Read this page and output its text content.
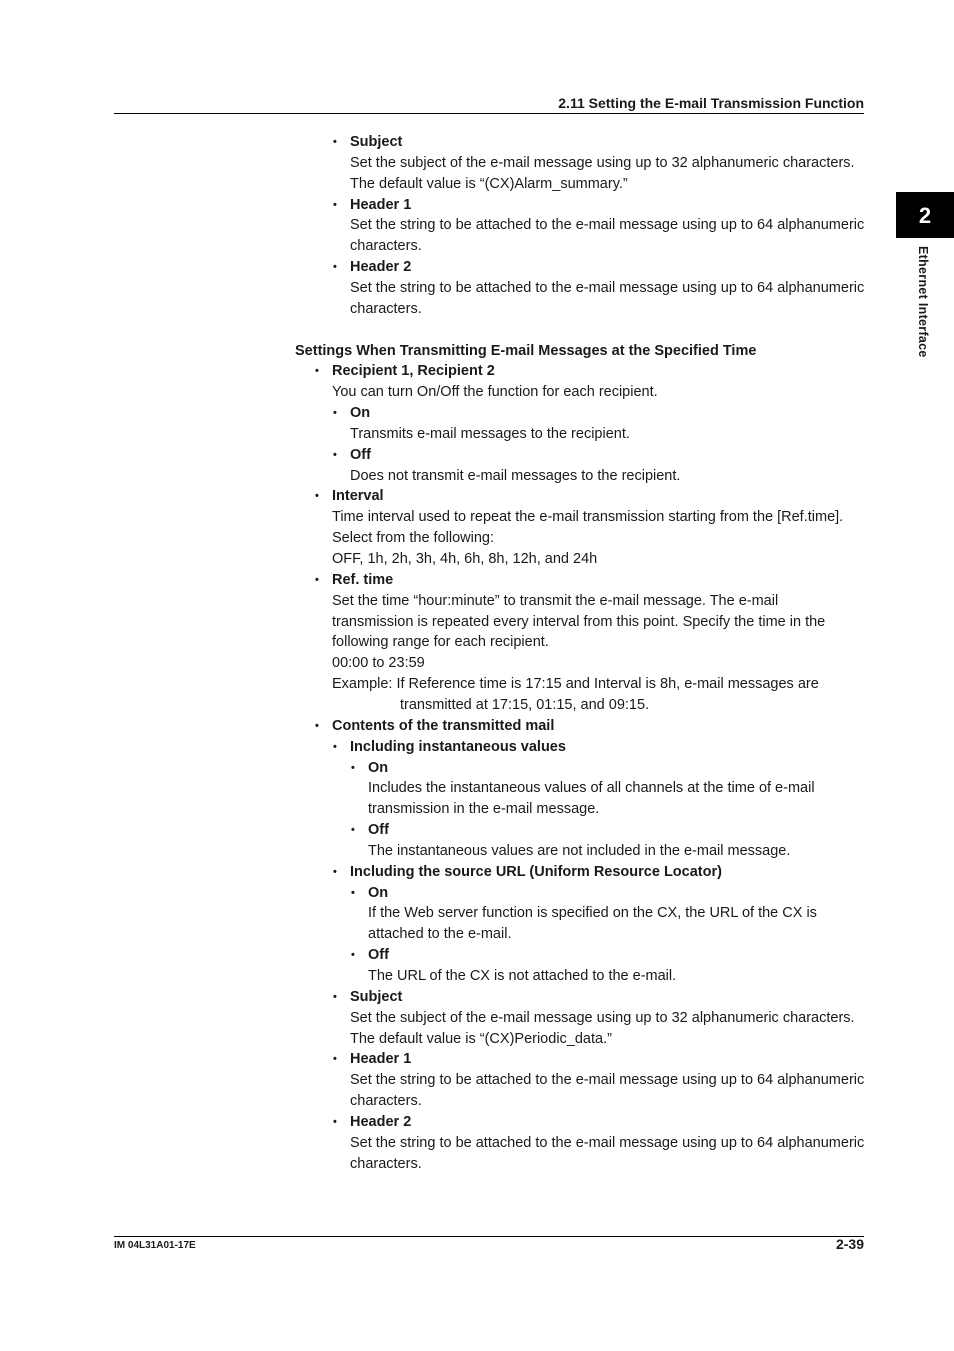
2.11 Setting the E-mail Transmission Function
2
Ethernet Interface
• Subject
Set the subject of the e-mail message using up to 32 alphanumeric characters.
The default value is “(CX)Alarm_summary.”
• Header 1
Set the string to be attached to the e-mail message using up to 64 alphanumeric
characters.
• Header 2
Set the string to be attached to the e-mail message using up to 64 alphanumeric
characters.
Settings When Transmitting E-mail Messages at the Specified Time
• Recipient 1, Recipient 2
You can turn On/Off the function for each recipient.
• On
Transmits e-mail messages to the recipient.
• Off
Does not transmit e-mail messages to the recipient.
• Interval
Time interval used to repeat the e-mail transmission starting from the [Ref.time].
Select from the following:
OFF, 1h, 2h, 3h, 4h, 6h, 8h, 12h, and 24h
• Ref. time
Set the time “hour:minute” to transmit the e-mail message. The e-mail
transmission is repeated every interval from this point. Specify the time in the
following range for each recipient.
00:00 to 23:59
Example: If Reference time is 17:15 and Interval is 8h, e-mail messages are
transmitted at 17:15, 01:15, and 09:15.
• Contents of the transmitted mail
• Including instantaneous values
• On
Includes the instantaneous values of all channels at the time of e-mail
transmission in the e-mail message.
• Off
The instantaneous values are not included in the e-mail message.
• Including the source URL (Uniform Resource Locator)
• On
If the Web server function is specified on the CX, the URL of the CX is
attached to the e-mail.
• Off
The URL of the CX is not attached to the e-mail.
• Subject
Set the subject of the e-mail message using up to 32 alphanumeric characters.
The default value is “(CX)Periodic_data.”
• Header 1
Set the string to be attached to the e-mail message using up to 64 alphanumeric
characters.
• Header 2
Set the string to be attached to the e-mail message using up to 64 alphanumeric
characters.
IM 04L31A01-17E	2-39
